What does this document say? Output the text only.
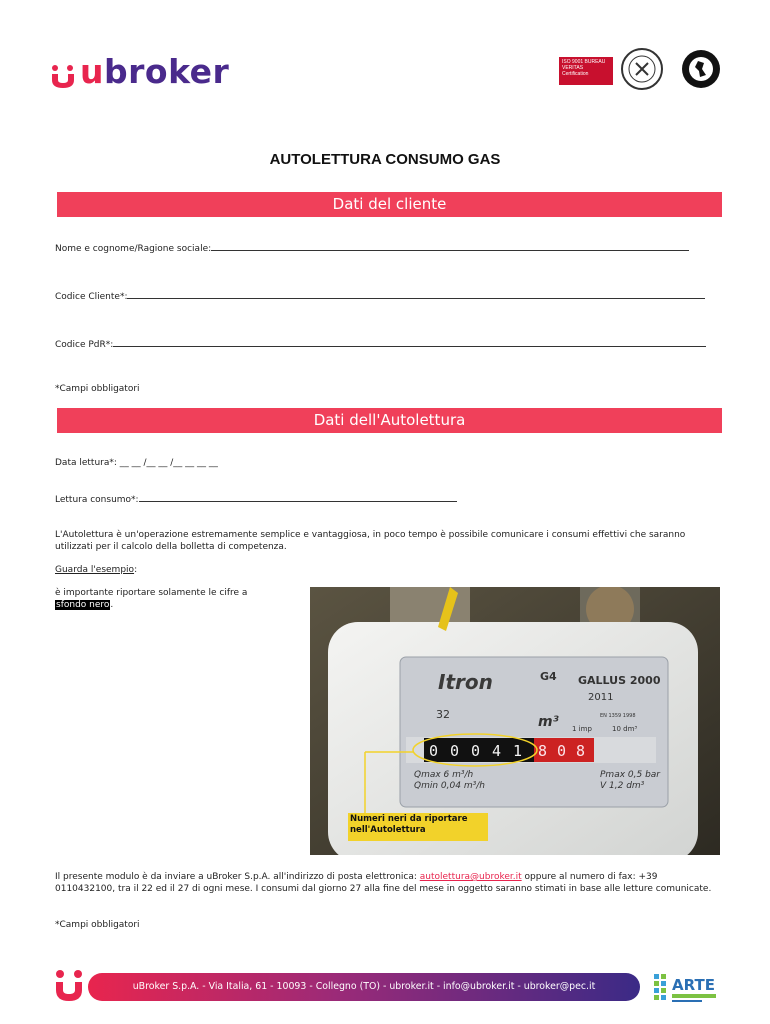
ubroker	ISO 9001 BUREAU VERITAS Certification
AUTOLETTURA CONSUMO GAS
Dati del cliente
Nome e cognome/Ragione sociale:
Codice Cliente*:
Codice PdR*:
*Campi obbligatori
Dati dell'Autolettura
Data lettura*: __ __ /__ __ /__ __ __ __
Lettura consumo*:
L'Autolettura è un'operazione estremamente semplice e vantaggiosa, in poco tempo è possibile comunicare i consumi effettivi che saranno utilizzati per il calcolo della bolletta di competenza.
Guarda l'esempio:
è importante riportare solamente le cifre a sfondo nero.
Itron	G4 GALLUS 2000
2011
EN 1359 1998
32	m³ 1 imp	10 dm³
0 0 0 4 1 8 0 8
Qmax 6 m³/h
Qmin 0,04 m³/h
Pmax 0,5 bar
V 1,2 dm³
Numeri neri da riportare nell'Autolettura
Il presente modulo è da inviare a uBroker S.p.A. all'indirizzo di posta elettronica: autolettura@ubroker.it oppure al numero di fax: +39 0110432100, tra il 22 ed il 27 di ogni mese. I consumi dal giorno 27 alla fine del mese in oggetto saranno stimati in base alle letture comunicate.
*Campi obbligatori
uBroker S.p.A. - Via Italia, 61 - 10093 - Collegno (TO) - ubroker.it - info@ubroker.it - ubroker@pec.it	ARTE
